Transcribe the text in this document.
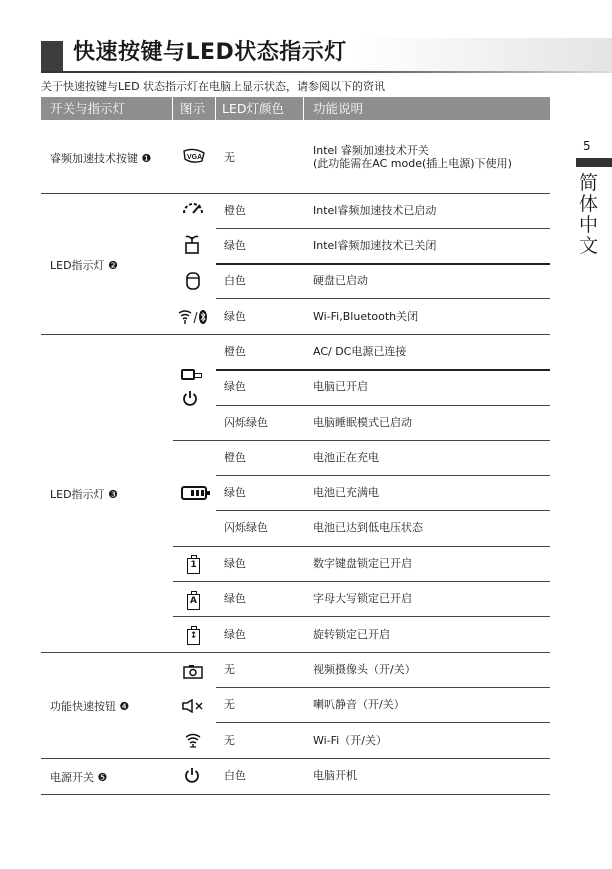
快速按键与LED状态指示灯
关于快速按键与LED 状态指示灯在电脑上显示状态，请参阅以下的资讯
5
简
体
中
文
开关与指示灯	图示 LED灯颜色 功能说明
睿频加速技术按键 ❶
LED指示灯 ❷
LED指示灯 ❸
功能快速按钮 ❹
电源开关 ❺
VGA
1
A
↕
无
橙色
绿色
白色
绿色
橙色
绿色
闪烁绿色
橙色
绿色
闪烁绿色
绿色
绿色
绿色
无
无
无
白色
Intel 睿频加速技术开关
(此功能需在AC mode(插上电源)下使用)
Intel睿频加速技术已启动
Intel睿频加速技术已关闭
硬盘已启动
Wi-Fi,Bluetooth关闭
AC/ DC电源已连接
电脑已开启
电脑睡眠模式已启动
电池正在充电
电池已充满电
电池已达到低电压状态
数字键盘锁定已开启
字母大写锁定已开启
旋转锁定已开启
视频摄像头（开/关）
喇叭静音（开/关）
Wi-Fi（开/关）
电脑开机
